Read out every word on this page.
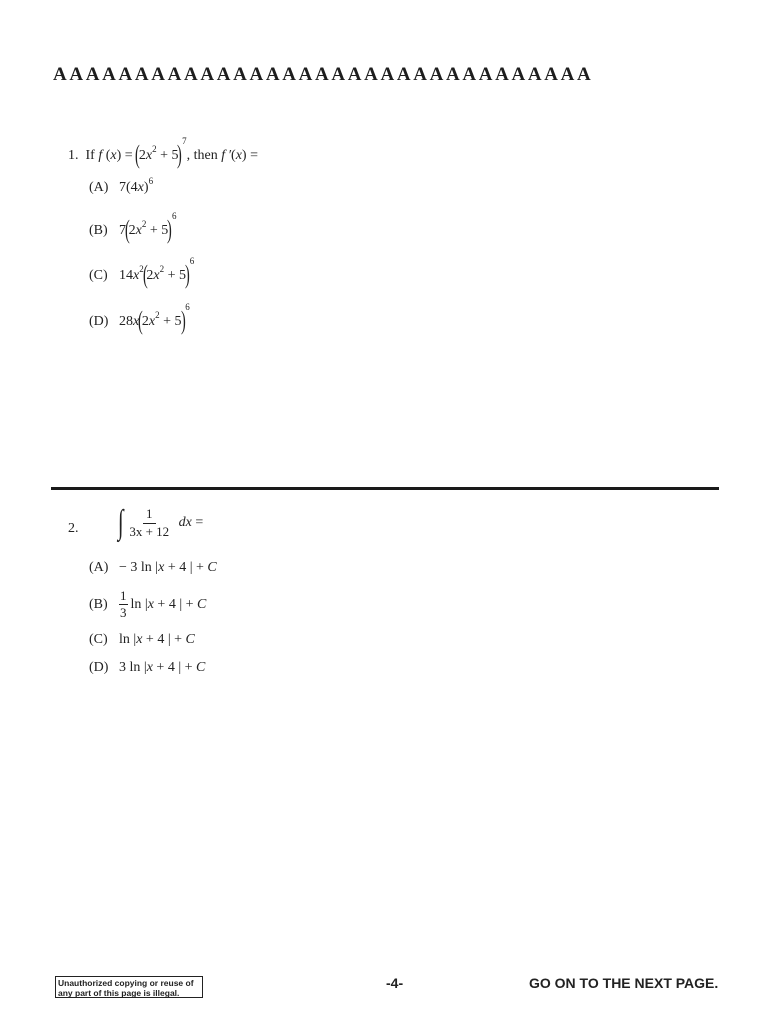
A A A A A A A A A A A A A A A A A A A A A A A A A A A A A A A A A
1.
If
f ( x ) =
(
2 x 2
+ 5
) 7
, then
f ′ ( x ) =
(A) 7(4 x ) 6
(B) 7
(
2 x 2
+ 5
) 6
(C) 14 x 2
(
2 x 2
+ 5
) 6
(D) 28 x
(
2 x 2
+ 5
) 6
2. ∫ $\frac{1}{3x + 12}$
dx
=
(A) − 3 ln | x + 4 | + C
$(B) \frac{1}{3}$ ln | x + 4 | + C
(C) ln | x + 4 | + C
(D) 3 ln | x + 4 | + C
Unauthorized copying or reuse of
any part of this page is illegal.
-4-	GO ON TO THE NEXT PAGE.
